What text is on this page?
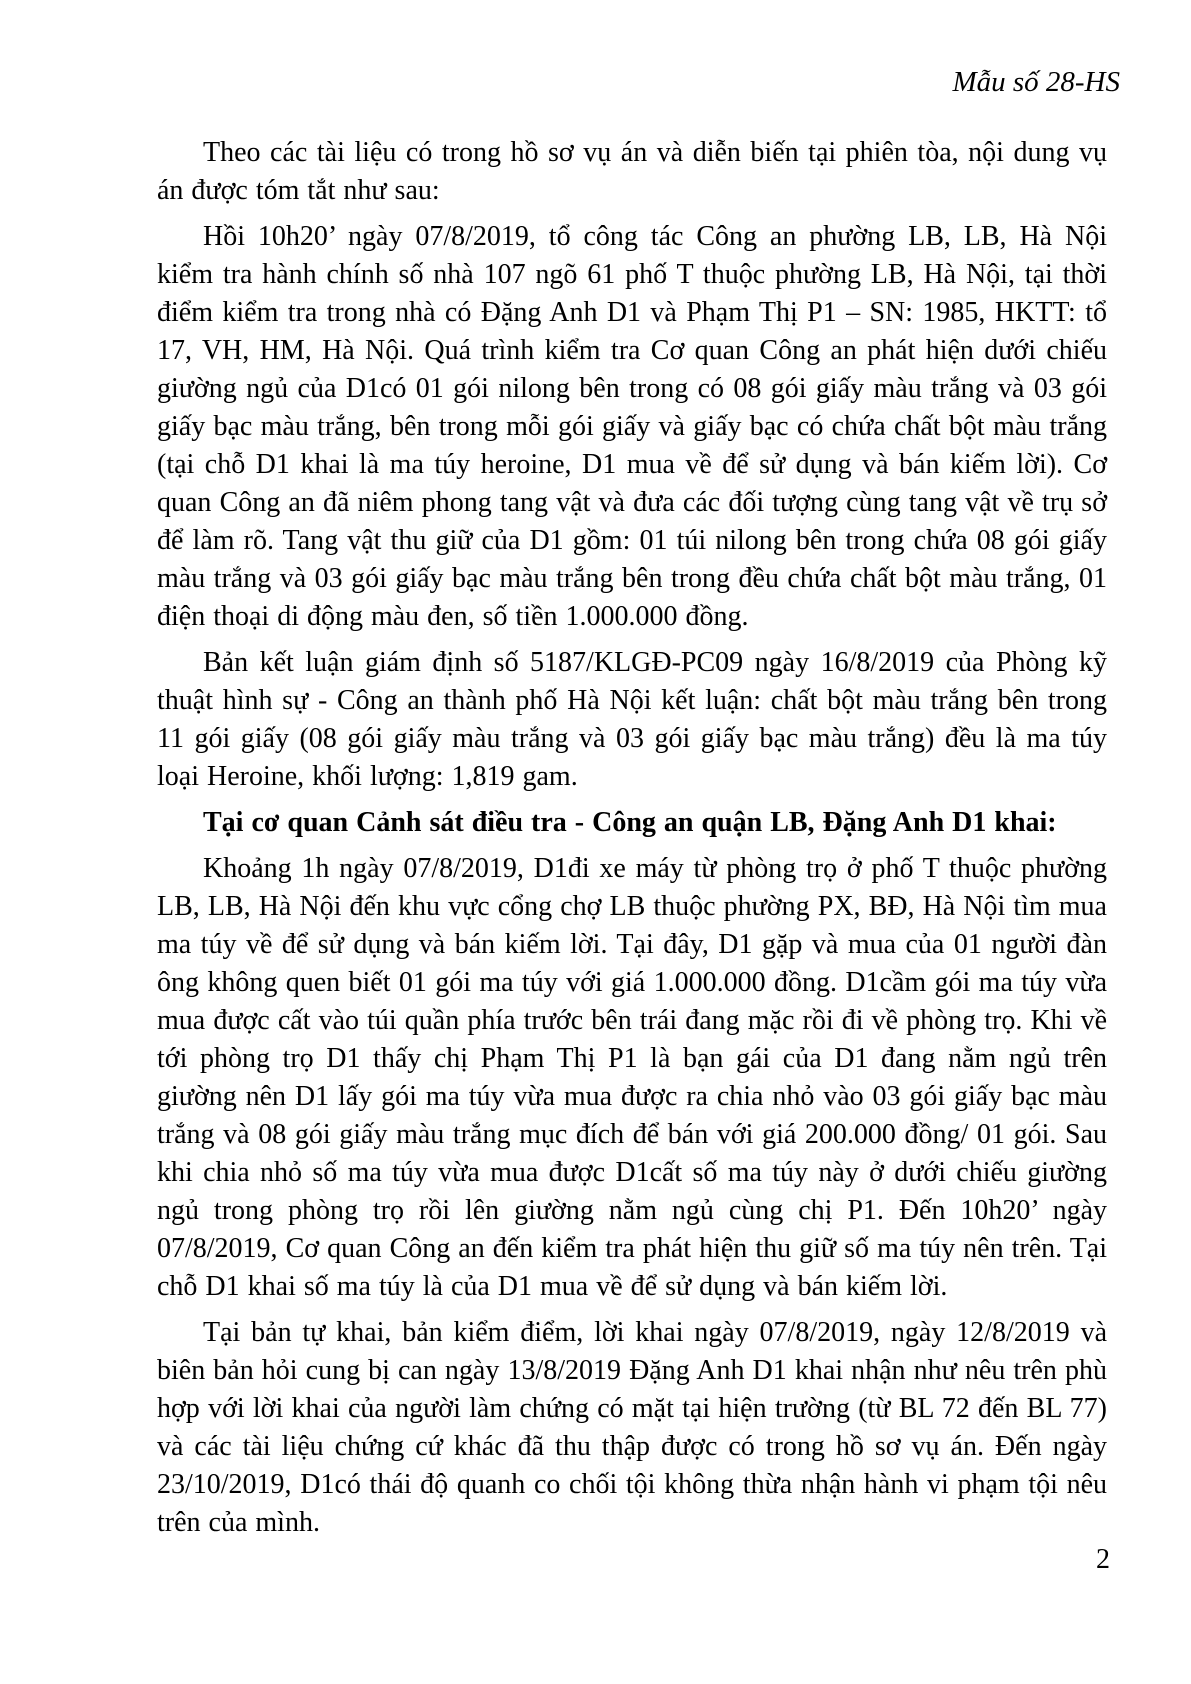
Mẫu số 28-HS

Theo các tài liệu có trong hồ sơ vụ án và diễn biến tại phiên tòa, nội dung vụ án được tóm tắt như sau:

Hồi 10h20’ ngày 07/8/2019, tổ công tác Công an phường LB, LB, Hà Nội kiểm tra hành chính số nhà 107 ngõ 61 phố T thuộc phường LB, Hà Nội, tại thời điểm kiểm tra trong nhà có Đặng Anh D1 và Phạm Thị P1 – SN: 1985, HKTT: tổ 17, VH, HM, Hà Nội. Quá trình kiểm tra Cơ quan Công an phát hiện dưới chiếu giường ngủ của D1có 01 gói nilong bên trong có 08 gói giấy màu trắng và 03 gói giấy bạc màu trắng, bên trong mỗi gói giấy và giấy bạc có chứa chất bột màu trắng (tại chỗ D1 khai là ma túy heroine, D1 mua về để sử dụng và bán kiếm lời). Cơ quan Công an đã niêm phong tang vật và đưa các đối tượng cùng tang vật về trụ sở để làm rõ. Tang vật thu giữ của D1 gồm: 01 túi nilong bên trong chứa 08 gói giấy màu trắng và 03 gói giấy bạc màu trắng bên trong đều chứa chất bột màu trắng, 01 điện thoại di động màu đen, số tiền 1.000.000 đồng.

Bản kết luận giám định số 5187/KLGĐ-PC09 ngày 16/8/2019 của Phòng kỹ thuật hình sự - Công an thành phố Hà Nội kết luận: chất bột màu trắng bên trong 11 gói giấy (08 gói giấy màu trắng và 03 gói giấy bạc màu trắng) đều là ma túy loại Heroine, khối lượng: 1,819 gam.

Tại cơ quan Cảnh sát điều tra - Công an quận LB, Đặng Anh D1 khai:

Khoảng 1h ngày 07/8/2019, D1đi xe máy từ phòng trọ ở phố T thuộc phường LB, LB, Hà Nội đến khu vực cổng chợ LB thuộc phường PX, BĐ, Hà Nội tìm mua ma túy về để sử dụng và bán kiếm lời. Tại đây, D1 gặp và mua của 01 người đàn ông không quen biết 01 gói ma túy với giá 1.000.000 đồng. D1cầm gói ma túy vừa mua được cất vào túi quần phía trước bên trái đang mặc rồi đi về phòng trọ. Khi về tới phòng trọ D1 thấy chị Phạm Thị P1 là bạn gái của D1 đang nằm ngủ trên giường nên D1 lấy gói ma túy vừa mua được ra chia nhỏ vào 03 gói giấy bạc màu trắng và 08 gói giấy màu trắng mục đích để bán với giá 200.000 đồng/ 01 gói. Sau khi chia nhỏ số ma túy vừa mua được D1cất số ma túy này ở dưới chiếu giường ngủ trong phòng trọ rồi lên giường nằm ngủ cùng chị P1. Đến 10h20’ ngày 07/8/2019, Cơ quan Công an đến kiểm tra phát hiện thu giữ số ma túy nên trên. Tại chỗ D1 khai số ma túy là của D1 mua về để sử dụng và bán kiếm lời.

Tại bản tự khai, bản kiểm điểm, lời khai ngày 07/8/2019, ngày 12/8/2019 và biên bản hỏi cung bị can ngày 13/8/2019 Đặng Anh D1 khai nhận như nêu trên phù hợp với lời khai của người làm chứng có mặt tại hiện trường (từ BL 72 đến BL 77) và các tài liệu chứng cứ khác đã thu thập được có trong hồ sơ vụ án. Đến ngày 23/10/2019, D1có thái độ quanh co chối tội không thừa nhận hành vi phạm tội nêu trên của mình.

2
